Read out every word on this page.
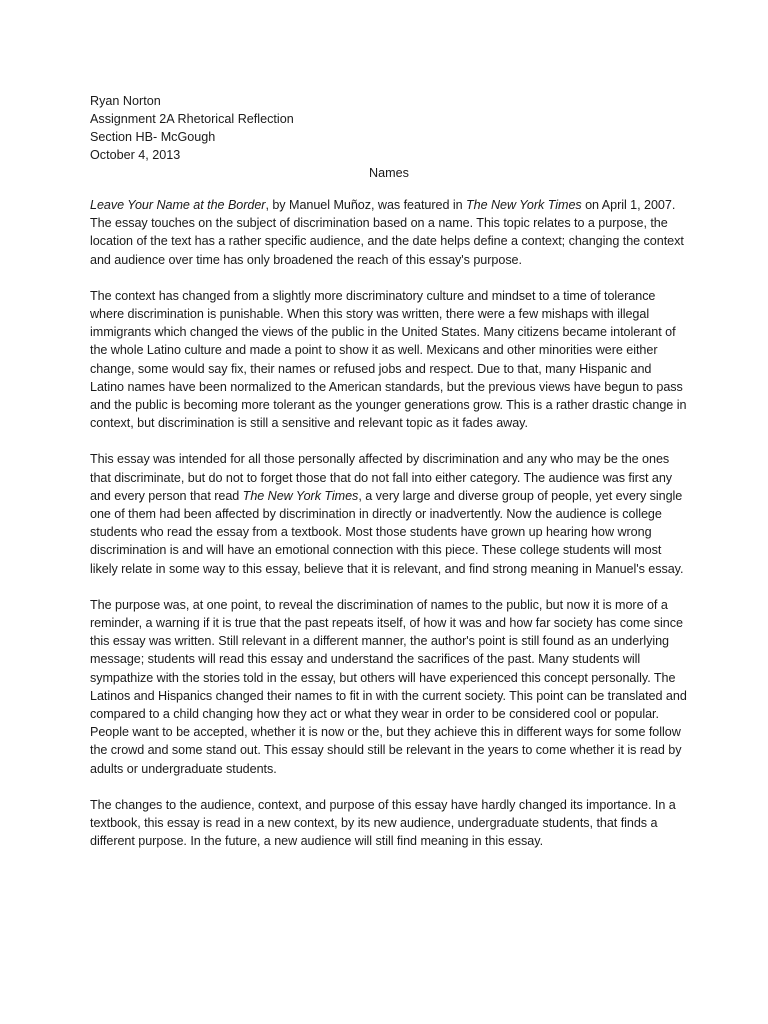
Ryan Norton
Assignment 2A Rhetorical Reflection
Section HB- McGough
October 4, 2013
Names

Leave Your Name at the Border, by Manuel Muñoz, was featured in The New York Times on April 1, 2007. The essay touches on the subject of discrimination based on a name. This topic relates to a purpose, the location of the text has a rather specific audience, and the date helps define a context; changing the context and audience over time has only broadened the reach of this essay's purpose.

The context has changed from a slightly more discriminatory culture and mindset to a time of tolerance where discrimination is punishable. When this story was written, there were a few mishaps with illegal immigrants which changed the views of the public in the United States. Many citizens became intolerant of the whole Latino culture and made a point to show it as well. Mexicans and other minorities were either change, some would say fix, their names or refused jobs and respect. Due to that, many Hispanic and Latino names have been normalized to the American standards, but the previous views have begun to pass and the public is becoming more tolerant as the younger generations grow. This is a rather drastic change in context, but discrimination is still a sensitive and relevant topic as it fades away.

This essay was intended for all those personally affected by discrimination and any who may be the ones that discriminate, but do not to forget those that do not fall into either category. The audience was first any and every person that read The New York Times, a very large and diverse group of people, yet every single one of them had been affected by discrimination in directly or inadvertently. Now the audience is college students who read the essay from a textbook. Most those students have grown up hearing how wrong discrimination is and will have an emotional connection with this piece. These college students will most likely relate in some way to this essay, believe that it is relevant, and find strong meaning in Manuel's essay.

The purpose was, at one point, to reveal the discrimination of names to the public, but now it is more of a reminder, a warning if it is true that the past repeats itself, of how it was and how far society has come since this essay was written. Still relevant in a different manner, the author's point is still found as an underlying message; students will read this essay and understand the sacrifices of the past. Many students will sympathize with the stories told in the essay, but others will have experienced this concept personally. The Latinos and Hispanics changed their names to fit in with the current society. This point can be translated and compared to a child changing how they act or what they wear in order to be considered cool or popular. People want to be accepted, whether it is now or the, but they achieve this in different ways for some follow the crowd and some stand out. This essay should still be relevant in the years to come whether it is read by adults or undergraduate students.

The changes to the audience, context, and purpose of this essay have hardly changed its importance. In a textbook, this essay is read in a new context, by its new audience, undergraduate students, that finds a different purpose. In the future, a new audience will still find meaning in this essay.
